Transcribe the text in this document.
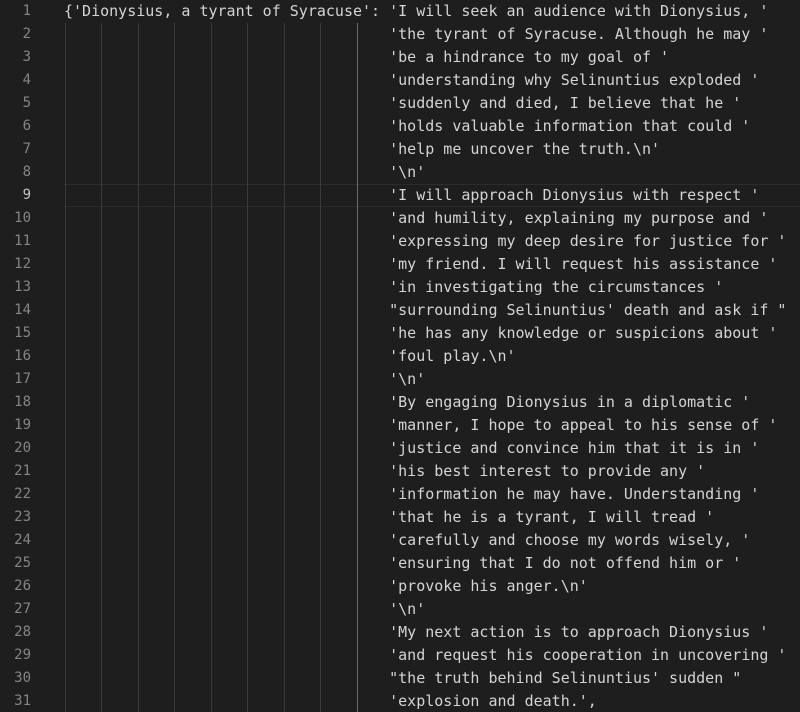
1 {'Dionysius, a tyrant of Syracuse': 'I will seek an audience with Dionysius, '
2 'the tyrant of Syracuse. Although he may '
3 'be a hindrance to my goal of '
4 'understanding why Selinuntius exploded '
5 'suddenly and died, I believe that he '
6 'holds valuable information that could '
7 'help me uncover the truth.\n'
8 '\n'
9 'I will approach Dionysius with respect '
10 'and humility, explaining my purpose and '
11 'expressing my deep desire for justice for '
12 'my friend. I will request his assistance '
13 'in investigating the circumstances '
14 "surrounding Selinuntius' death and ask if "
15 'he has any knowledge or suspicions about '
16 'foul play.\n'
17 '\n'
18 'By engaging Dionysius in a diplomatic '
19 'manner, I hope to appeal to his sense of '
20 'justice and convince him that it is in '
21 'his best interest to provide any '
22 'information he may have. Understanding '
23 'that he is a tyrant, I will tread '
24 'carefully and choose my words wisely, '
25 'ensuring that I do not offend him or '
26 'provoke his anger.\n'
27 '\n'
28 'My next action is to approach Dionysius '
29 'and request his cooperation in uncovering '
30 "the truth behind Selinuntius' sudden "
31 'explosion and death.',
